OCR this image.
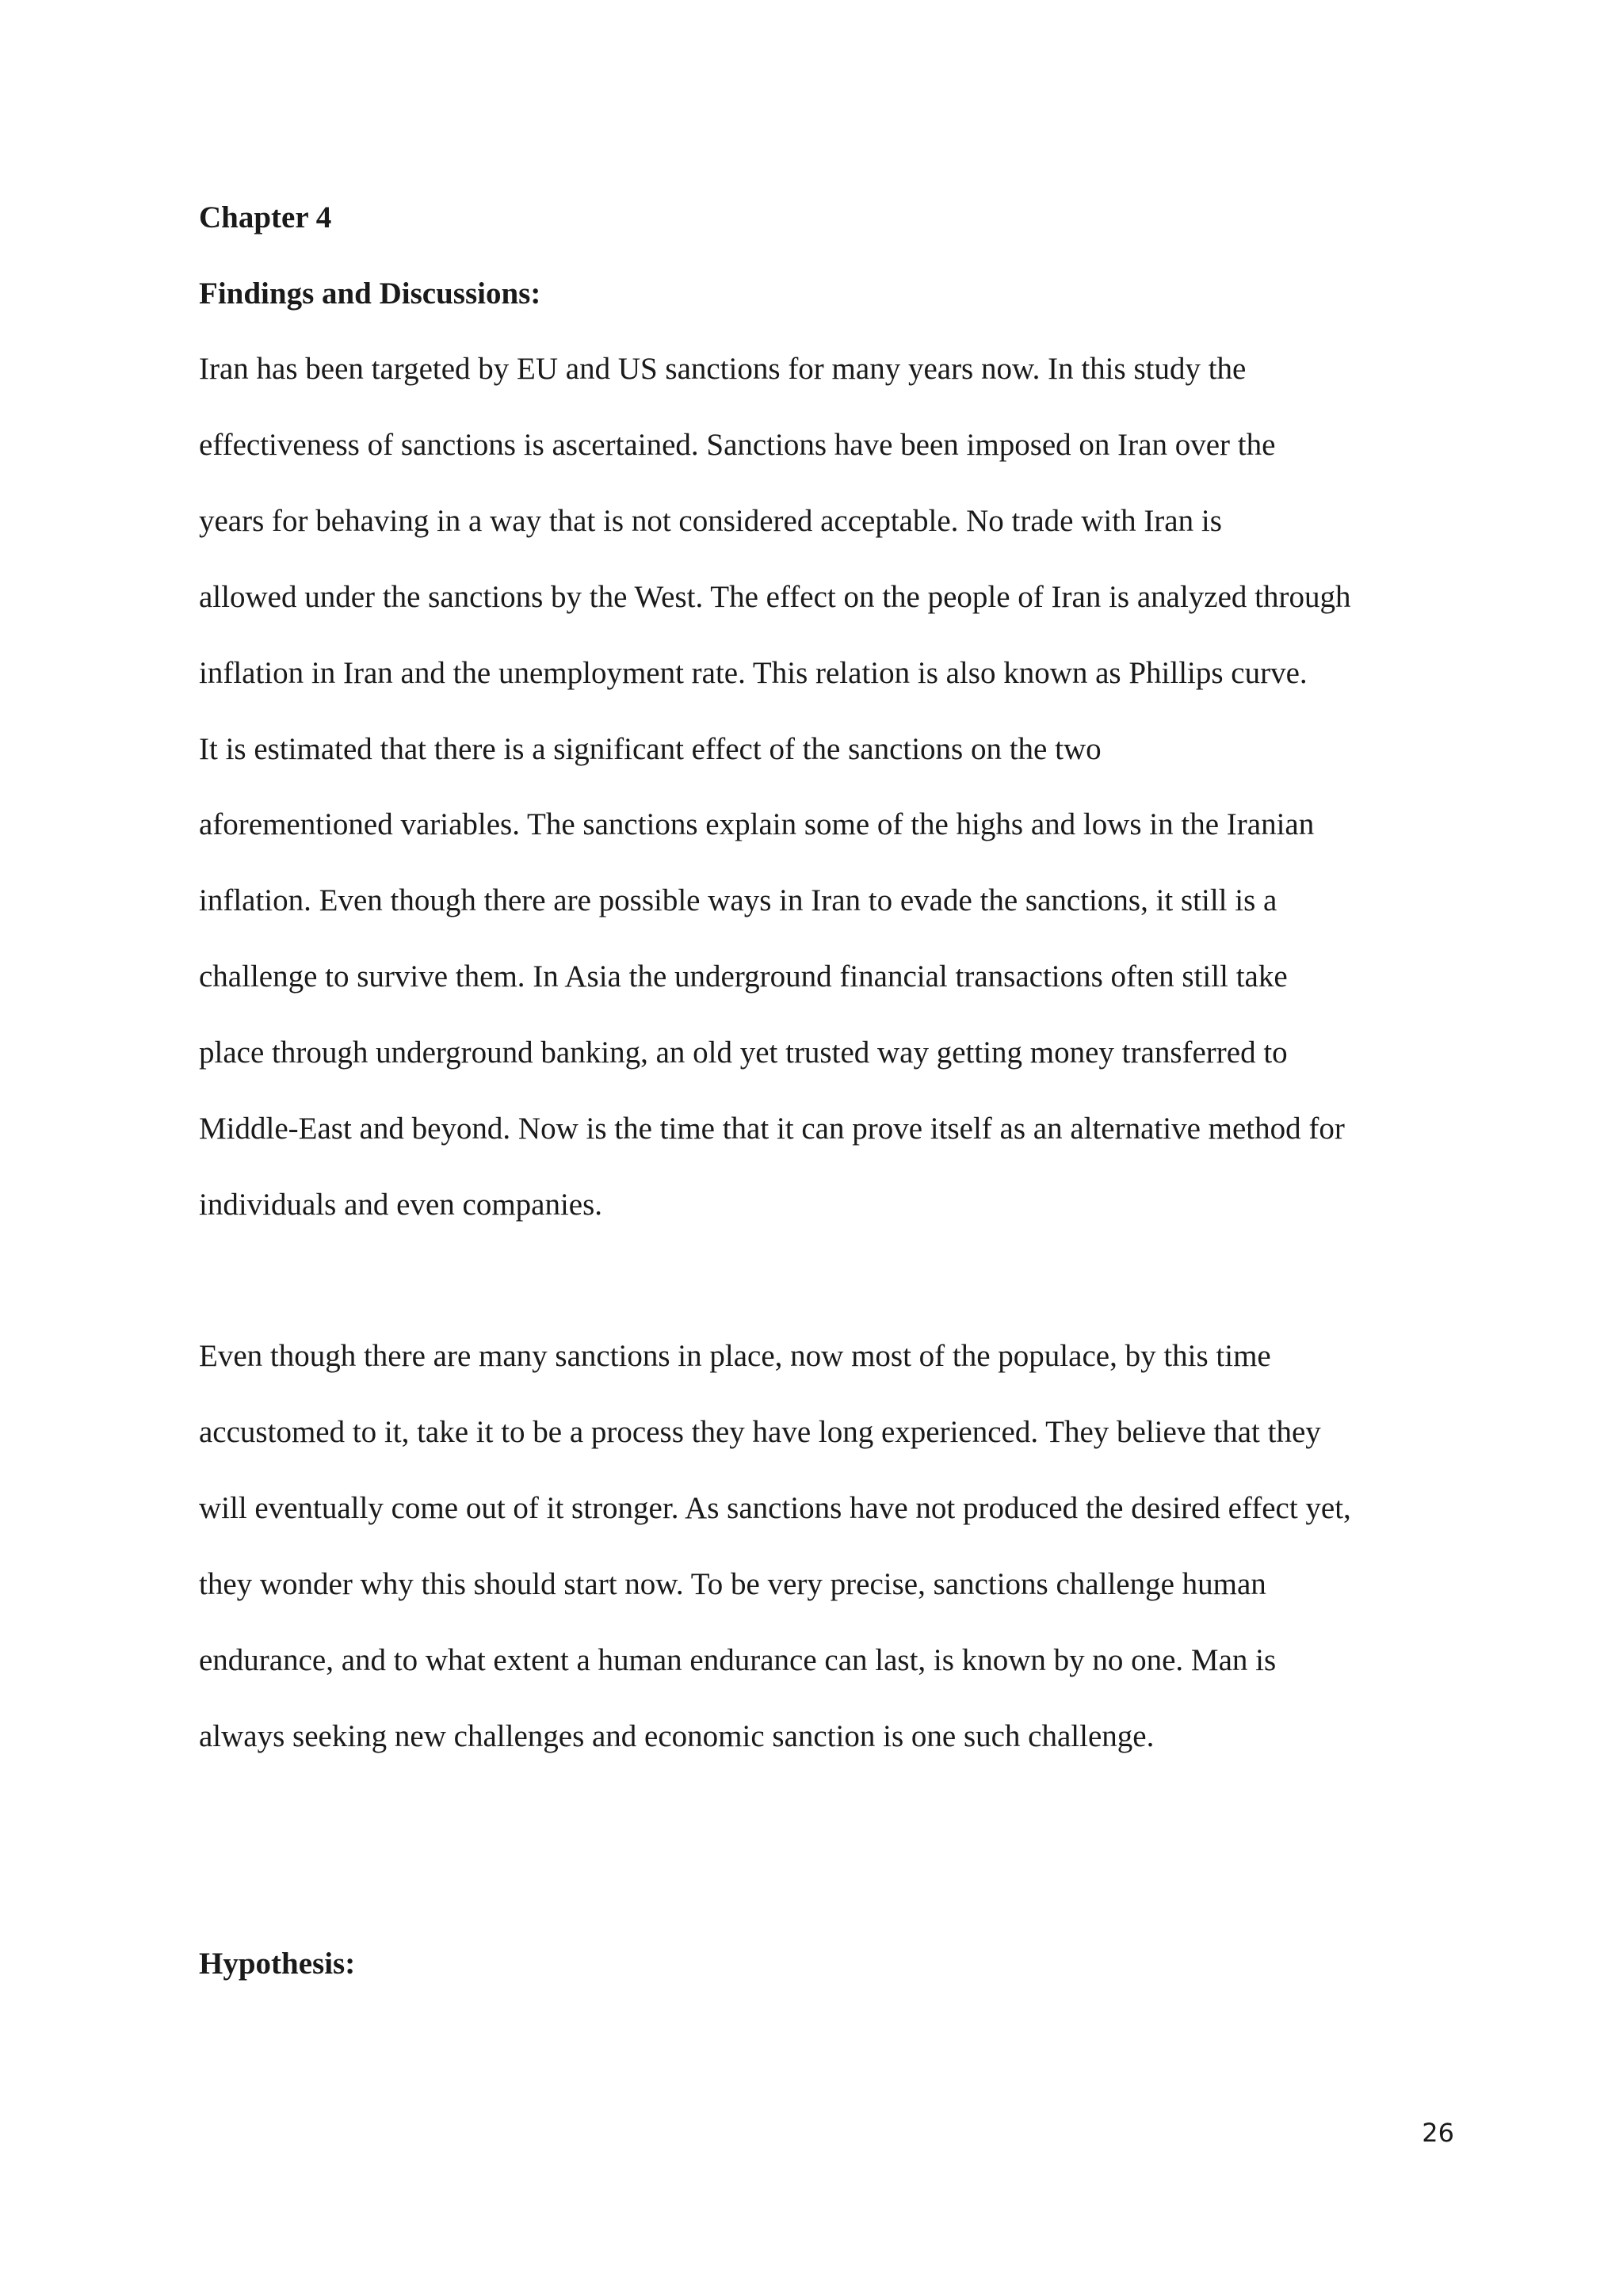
Chapter 4
Findings and Discussions:
Iran has been targeted by EU and US sanctions for many years now. In this study the
effectiveness of sanctions is ascertained. Sanctions have been imposed on Iran over the
years for behaving in a way that is not considered acceptable. No trade with Iran is
allowed under the sanctions by the West. The effect on the people of Iran is analyzed through
inflation in Iran and the unemployment rate. This relation is also known as Phillips curve.
It is estimated that there is a significant effect of the sanctions on the two
aforementioned variables. The sanctions explain some of the highs and lows in the Iranian
inflation. Even though there are possible ways in Iran to evade the sanctions, it still is a
challenge to survive them. In Asia the underground financial transactions often still take
place through underground banking, an old yet trusted way getting money transferred to
Middle-East and beyond. Now is the time that it can prove itself as an alternative method for
individuals and even companies.
Even though there are many sanctions in place, now most of the populace, by this time
accustomed to it, take it to be a process they have long experienced. They believe that they
will eventually come out of it stronger. As sanctions have not produced the desired effect yet,
they wonder why this should start now. To be very precise, sanctions challenge human
endurance, and to what extent a human endurance can last, is known by no one. Man is
always seeking new challenges and economic sanction is one such challenge.
Hypothesis:
26
